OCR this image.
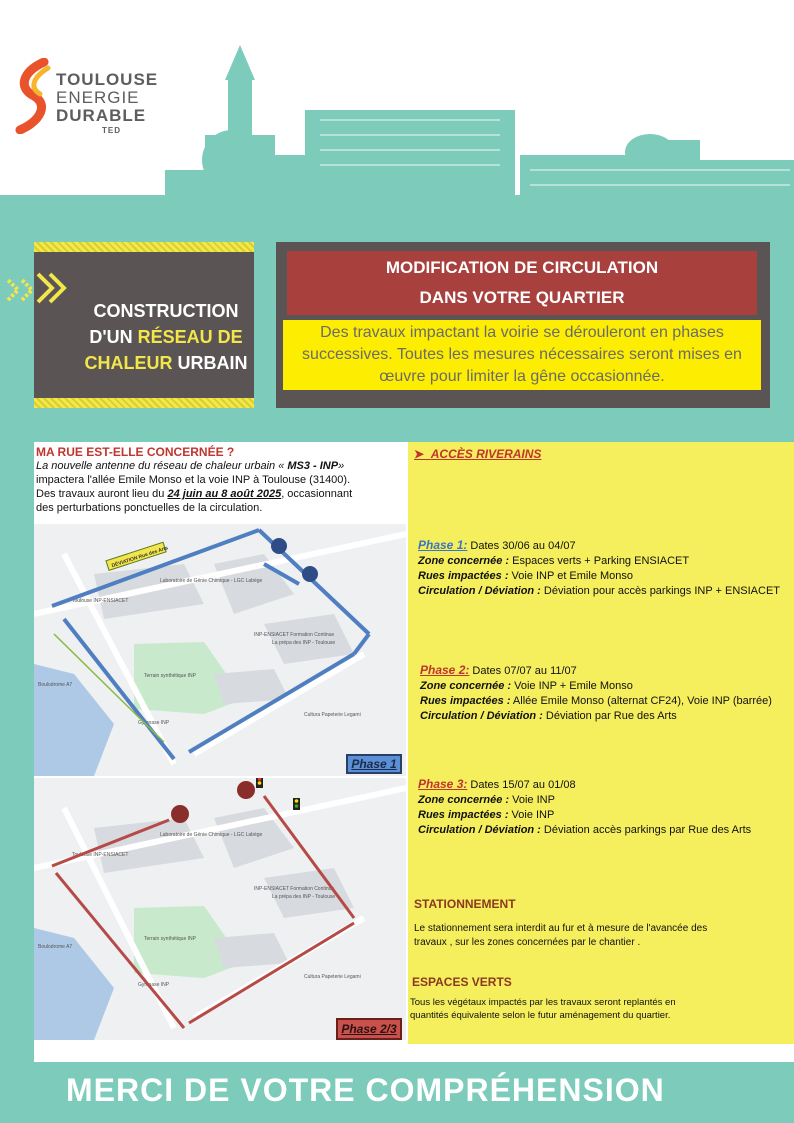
TOULOUSE
ENERGIE
DURABLE
TED
CONSTRUCTION
D'UN RÉSEAU DE
CHALEUR URBAIN
MODIFICATION DE CIRCULATION
DANS VOTRE QUARTIER
Des travaux impactant la voirie se dérouleront en phases successives. Toutes les mesures nécessaires seront mises en œuvre pour limiter la gêne occasionnée.
MA RUE EST-ELLE CONCERNÉE ?
La nouvelle antenne du réseau de chaleur urbain « MS3 - INP»
impactera l'allée Emile Monso et la voie INP à Toulouse (31400).
Des travaux auront lieu du 24 juin au 8 août 2025, occasionnant
des perturbations ponctuelles de la circulation.
Laboratoire de Génie Chimique - LGC Labège
Toulouse INP-ENSIACET
INP-ENSIACET Formation Continue
La prépa des INP - Toulouse
Terrain synthétique INP
Boulodrome A7
Gymnase INP
Cultura Papeterie Legami
DÉVIATION Rue des Arts
Phase 1
Laboratoire de Génie Chimique - LGC Labège
Toulouse INP-ENSIACET
INP-ENSIACET Formation Continue
La prépa des INP - Toulouse
Terrain synthétique INP
Boulodrome A7
Gymnase INP
Cultura Papeterie Legami
Phase 2/3
➤  ACCÈS RIVERAINS
Phase 1: Dates 30/06 au 04/07
Zone concernée : Espaces verts + Parking ENSIACET
Rues impactées : Voie INP et Emile Monso
Circulation / Déviation : Déviation pour accès parkings INP + ENSIACET
Phase 2: Dates 07/07 au 11/07
Zone concernée : Voie INP + Emile Monso
Rues impactées : Allée Emile Monso (alternat CF24), Voie INP (barrée)
Circulation / Déviation : Déviation par Rue des Arts
Phase 3: Dates 15/07 au 01/08
Zone concernée : Voie INP
Rues impactées : Voie INP
Circulation / Déviation : Déviation accès parkings par Rue des Arts
STATIONNEMENT
Le stationnement sera interdit au fur et à mesure de l'avancée des
travaux , sur les zones concernées par le chantier .
ESPACES VERTS
Tous les végétaux impactés par les travaux seront replantés en
quantités équivalente selon le futur aménagement du quartier.
MERCI DE VOTRE COMPRÉHENSION
